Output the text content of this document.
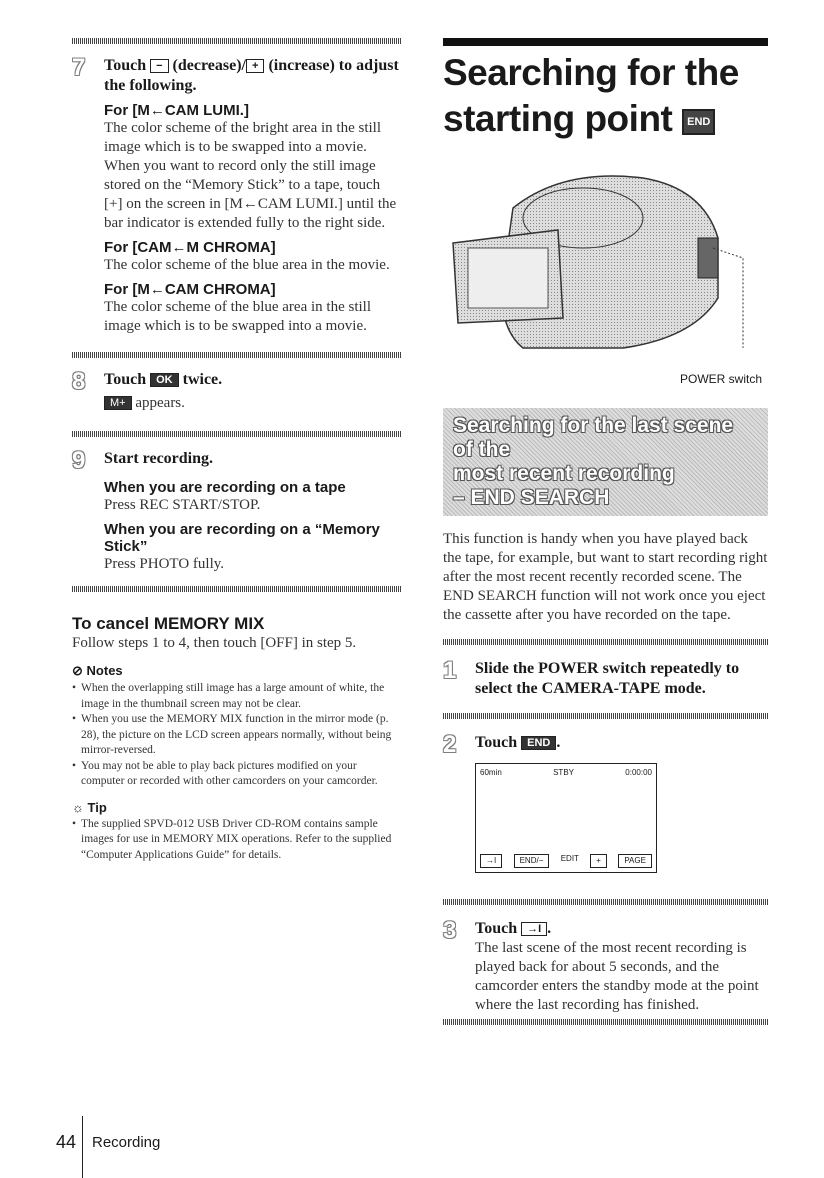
7 Touch − (decrease)/ + (increase) to adjust the following.
For [M←CAM LUMI.]
The color scheme of the bright area in the still image which is to be swapped into a movie. When you want to record only the still image stored on the “Memory Stick” to a tape, touch [+] on the screen in [M←CAM LUMI.] until the bar indicator is extended fully to the right side.
For [CAM←M CHROMA]
The color scheme of the blue area in the movie.
For [M←CAM CHROMA]
The color scheme of the blue area in the still image which is to be swapped into a movie.
8 Touch OK twice.
M+ appears.
9 Start recording.
When you are recording on a tape
Press REC START/STOP.
When you are recording on a “Memory Stick”
Press PHOTO fully.
To cancel MEMORY MIX
Follow steps 1 to 4, then touch [OFF] in step 5.
⊘ Notes
• When the overlapping still image has a large amount of white, the image in the thumbnail screen may not be clear.
• When you use the MEMORY MIX function in the mirror mode (p. 28), the picture on the LCD screen appears normally, without being mirror-reversed.
• You may not be able to play back pictures modified on your computer or recorded with other camcorders on your camcorder.
☼ Tip
• The supplied SPVD-012 USB Driver CD-ROM contains sample images for use in MEMORY MIX operations. Refer to the supplied “Computer Applications Guide” for details.
Searching for the
starting point END
POWER switch
Searching for the last scene of the
most recent recording
– END SEARCH
This function is handy when you have played back the tape, for example, but want to start recording right after the most recent recently recorded scene. The END SEARCH function will not work once you eject the cassette after you have recorded on the tape.
1 Slide the POWER switch repeatedly to select the CAMERA-TAPE mode.
2 Touch END .
60min	STBY	0:00:00
→I	END/−	EDIT	+	PAGE
3 Touch →I .
The last scene of the most recent recording is played back for about 5 seconds, and the camcorder enters the standby mode at the point where the last recording has finished.
44 Recording
